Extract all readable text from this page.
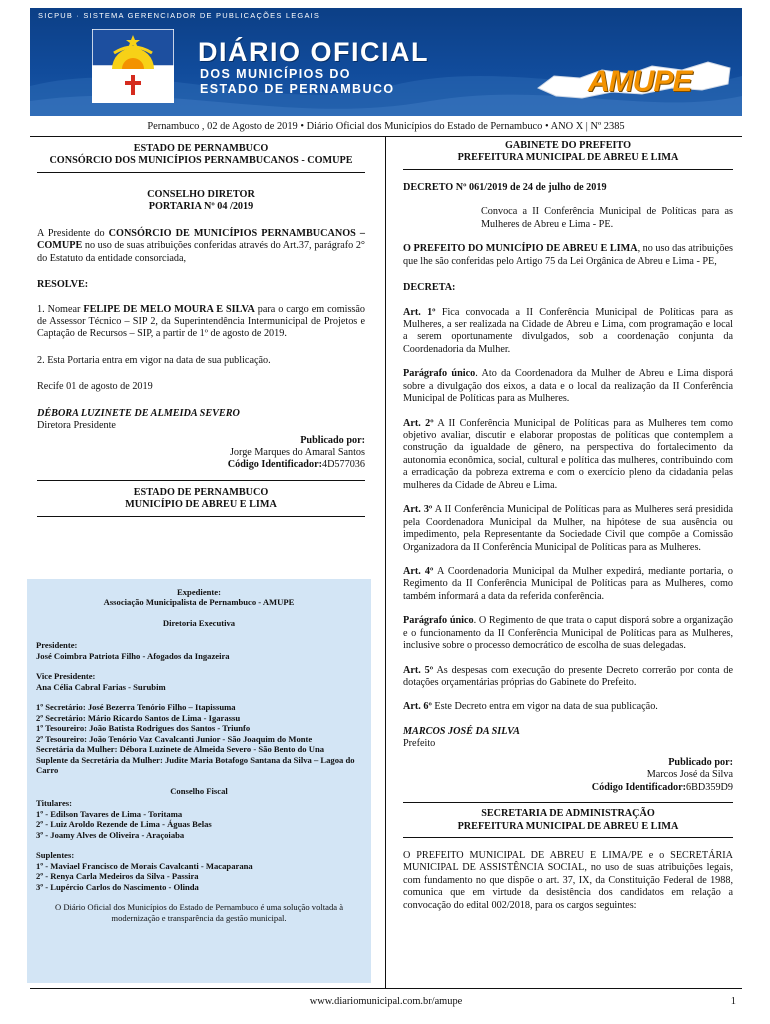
SICPUB · SISTEMA GERENCIADOR DE PUBLICAÇÕES LEGAIS
DIÁRIO OFICIAL
DOS MUNICÍPIOS DO
ESTADO DE PERNAMBUCO	AMUPE
Pernambuco , 02 de Agosto de 2019 • Diário Oficial dos Municípios do Estado de Pernambuco • ANO X | Nº 2385

ESTADO DE PERNAMBUCO

CONSÓRCIO DOS MUNICÍPIOS PERNAMBUCANOS - COMUPE

CONSELHO DIRETOR

PORTARIA Nº 04 /2019

A Presidente do CONSÓRCIO DE MUNICÍPIOS PERNAMBUCANOS – COMUPE no uso de suas atribuições conferidas através do Art.37, parágrafo 2° do Estatuto da entidade consorciada,

RESOLVE:

1. Nomear FELIPE DE MELO MOURA E SILVA para o cargo em comissão de Assessor Técnico – SIP 2, da Superintendência Intermunicipal de Projetos e Captação de Recursos – SIP, a partir de 1º de agosto de 2019.

2. Esta Portaria entra em vigor na data de sua publicação.

Recife 01 de agosto de 2019

DÉBORA LUZINETE DE ALMEIDA SEVERO

Diretora Presidente

Publicado por:

Jorge Marques do Amaral Santos

Código Identificador:4D577036

ESTADO DE PERNAMBUCO

MUNICÍPIO DE ABREU E LIMA

Expediente:

Associação Municipalista de Pernambuco - AMUPE

Diretoria Executiva

Presidente:

José Coimbra Patriota Filho - Afogados da Ingazeira

Vice Presidente:

Ana Célia Cabral Farias - Surubim

1º Secretário: José Bezerra Tenório Filho – Itapissuma

2º Secretário: Mário Ricardo Santos de Lima - Igarassu

1º Tesoureiro: João Batista Rodrigues dos Santos - Triunfo

2º Tesoureiro: João Tenório Vaz Cavalcanti Junior - São Joaquim do Monte

Secretária da Mulher: Débora Luzinete de Almeida Severo - São Bento do Una

Suplente da Secretária da Mulher: Judite Maria Botafogo Santana da Silva – Lagoa do Carro

Conselho Fiscal

Titulares:

1º - Edilson Tavares de Lima - Toritama

2º - Luiz Aroldo Rezende de Lima - Águas Belas

3º - Joamy Alves de Oliveira - Araçoiaba

Suplentes:

1º - Maviael Francisco de Morais Cavalcanti - Macaparana

2º - Renya Carla Medeiros da Silva - Passira

3º - Lupércio Carlos do Nascimento - Olinda

O Diário Oficial dos Municípios do Estado de Pernambuco é uma solução voltada à modernização e transparência da gestão municipal.

GABINETE DO PREFEITO

PREFEITURA MUNICIPAL DE ABREU E LIMA

DECRETO Nº 061/2019 de 24 de julho de 2019

Convoca a II Conferência Municipal de Políticas para as Mulheres de Abreu e Lima - PE.

O PREFEITO DO MUNICÍPIO DE ABREU E LIMA, no uso das atribuições que lhe são conferidas pelo Artigo 75 da Lei Orgânica de Abreu e Lima - PE,

DECRETA:

Art. 1º Fica convocada a II Conferência Municipal de Políticas para as Mulheres, a ser realizada na Cidade de Abreu e Lima, com programação e local a serem oportunamente divulgados, sob a coordenação conjunta da Coordenadoria da Mulher.

Parágrafo único. Ato da Coordenadora da Mulher de Abreu e Lima disporá sobre a divulgação dos eixos, a data e o local da realização da II Conferência Municipal de Políticas para as Mulheres.

Art. 2º A II Conferência Municipal de Políticas para as Mulheres tem como objetivo avaliar, discutir e elaborar propostas de políticas que contemplem a construção da igualdade de gênero, na perspectiva do fortalecimento da autonomia econômica, social, cultural e política das mulheres, contribuindo com a erradicação da pobreza extrema e com o exercício pleno da cidadania pelas mulheres da Cidade de Abreu e Lima.

Art. 3º A II Conferência Municipal de Políticas para as Mulheres será presidida pela Coordenadora Municipal da Mulher, na hipótese de sua ausência ou impedimento, pela Representante da Sociedade Civil que compõe a Comissão Organizadora da II Conferência Municipal de Políticas para as Mulheres.

Art. 4º A Coordenadoria Municipal da Mulher expedirá, mediante portaria, o Regimento da II Conferência Municipal de Políticas para as Mulheres, como também informará a data da referida conferência.

Parágrafo único. O Regimento de que trata o caput disporá sobre a organização e o funcionamento da II Conferência Municipal de Políticas para as Mulheres, inclusive sobre o processo democrático de escolha de suas delegadas.

Art. 5º As despesas com execução do presente Decreto correrão por conta de dotações orçamentárias próprias do Gabinete do Prefeito.

Art. 6º Este Decreto entra em vigor na data de sua publicação.

MARCOS JOSÉ DA SILVA

Prefeito

Publicado por:

Marcos José da Silva

Código Identificador:6BD359D9

SECRETARIA DE ADMINISTRAÇÃO

PREFEITURA MUNICIPAL DE ABREU E LIMA

O PREFEITO MUNICIPAL DE ABREU E LIMA/PE e o SECRETÁRIA MUNICIPAL DE ASSISTÊNCIA SOCIAL, no uso de suas atribuições legais, com fundamento no que dispõe o art. 37, IX, da Constituição Federal de 1988, comunica que em virtude da desistência dos candidatos em relação a convocação do edital 002/2018, para os cargos seguintes:

www.diariomunicipal.com.br/amupe	1
